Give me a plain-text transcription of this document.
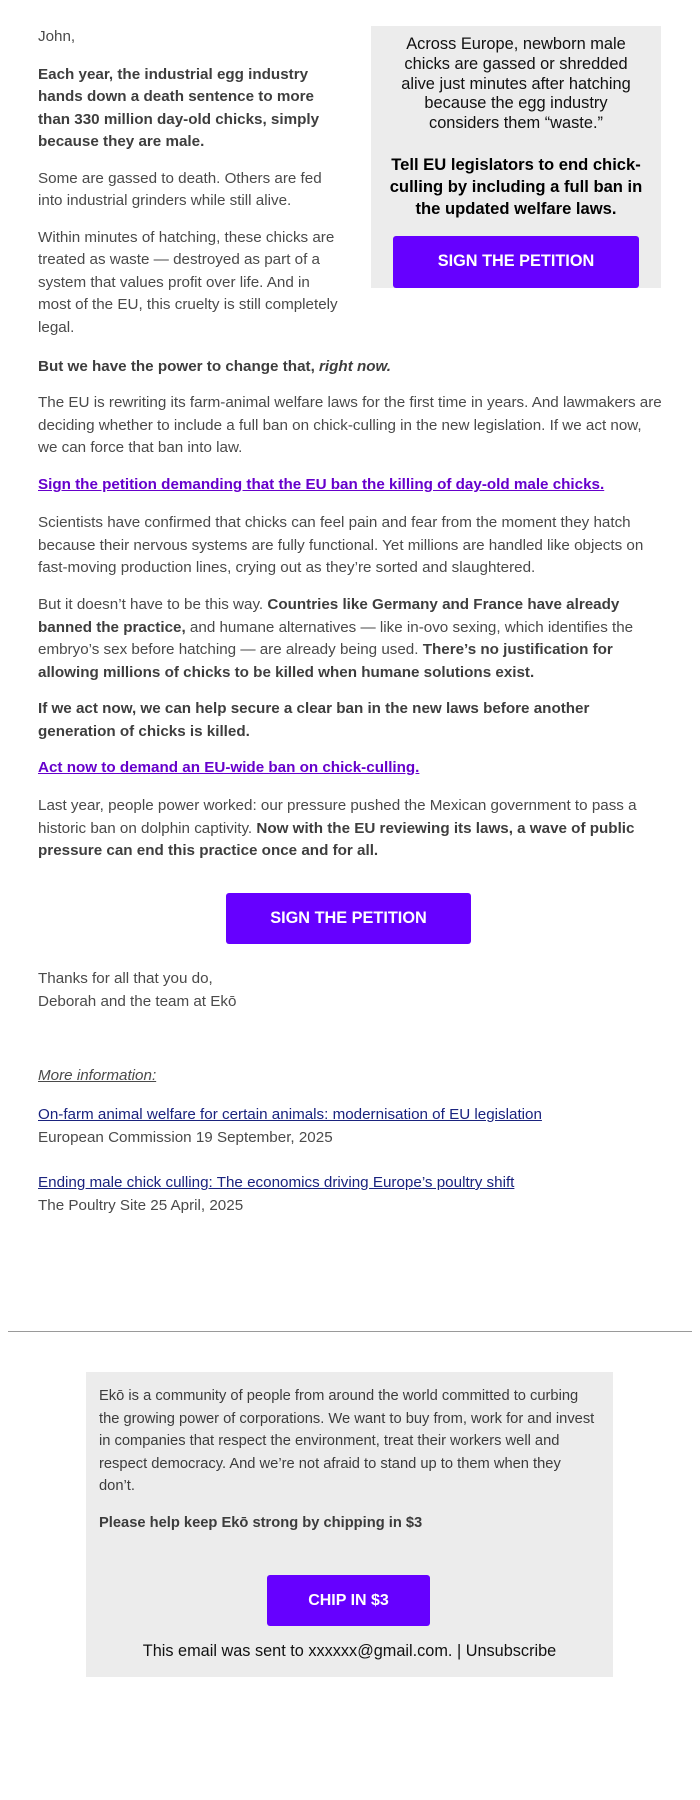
Across Europe, newborn male chicks are gassed or shredded alive just minutes after hatching because the egg industry considers them “waste.”

Tell EU legislators to end chick-culling by including a full ban in the updated welfare laws.

SIGN THE PETITION

John,

Each year, the industrial egg industry hands down a death sentence to more than 330 million day-old chicks, simply because they are male.

Some are gassed to death. Others are fed into industrial grinders while still alive.

Within minutes of hatching, these chicks are treated as waste — destroyed as part of a system that values profit over life. And in most of the EU, this cruelty is still completely legal.

But we have the power to change that, right now.

The EU is rewriting its farm-animal welfare laws for the first time in years. And lawmakers are deciding whether to include a full ban on chick-culling in the new legislation. If we act now, we can force that ban into law.

Sign the petition demanding that the EU ban the killing of day-old male chicks.

Scientists have confirmed that chicks can feel pain and fear from the moment they hatch because their nervous systems are fully functional. Yet millions are handled like objects on fast-moving production lines, crying out as they’re sorted and slaughtered.

But it doesn’t have to be this way. Countries like Germany and France have already banned the practice, and humane alternatives — like in-ovo sexing, which identifies the embryo’s sex before hatching — are already being used. There’s no justification for allowing millions of chicks to be killed when humane solutions exist.

If we act now, we can help secure a clear ban in the new laws before another generation of chicks is killed.

Act now to demand an EU-wide ban on chick-culling.

Last year, people power worked: our pressure pushed the Mexican government to pass a historic ban on dolphin captivity. Now with the EU reviewing its laws, a wave of public pressure can end this practice once and for all.

SIGN THE PETITION

Thanks for all that you do,
Deborah and the team at Ekō

More information:

On-farm animal welfare for certain animals: modernisation of EU legislation
European Commission 19 September, 2025

Ending male chick culling: The economics driving Europe’s poultry shift
The Poultry Site 25 April, 2025

Ekō is a community of people from around the world committed to curbing the growing power of corporations. We want to buy from, work for and invest in companies that respect the environment, treat their workers well and respect democracy. And we’re not afraid to stand up to them when they don’t.

Please help keep Ekō strong by chipping in $3

CHIP IN $3
This email was sent to xxxxxx@gmail.com. | Unsubscribe
